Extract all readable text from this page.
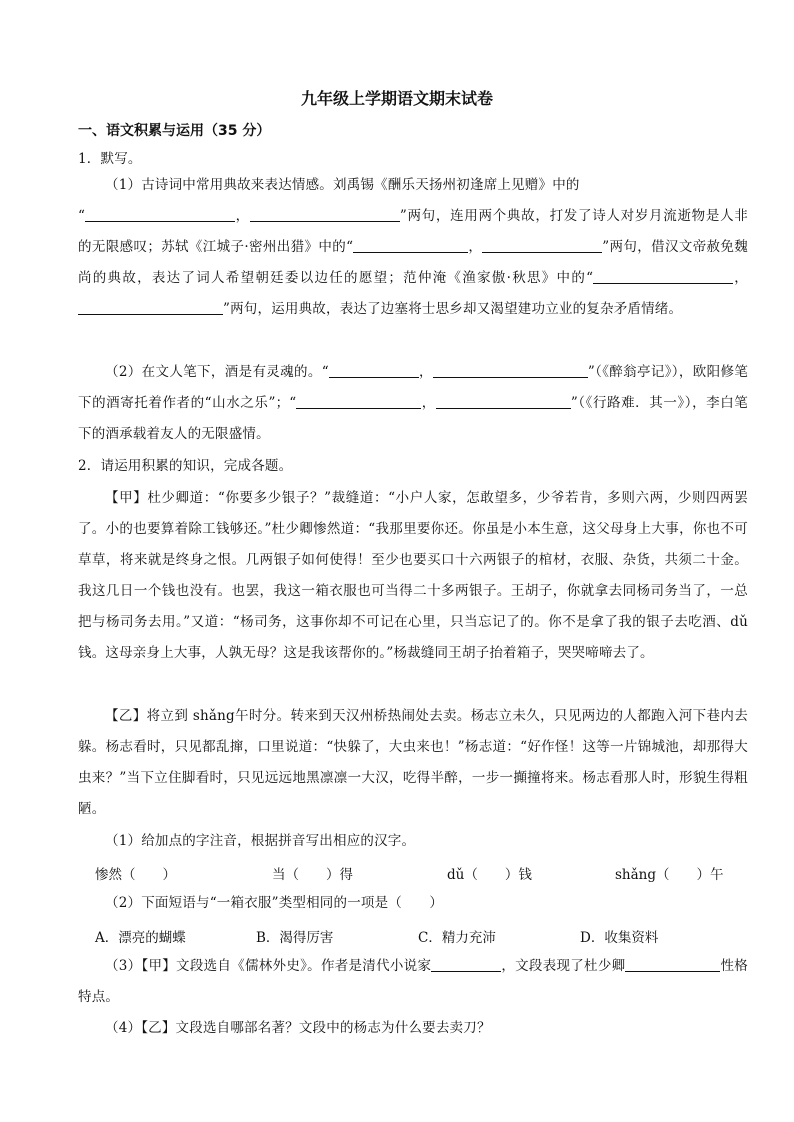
九年级上学期语文期末试卷
一、语文积累与运用（35 分）
1．默写。
（1）古诗词中常用典故来表达情感。刘禹锡《酬乐天扬州初逢席上见赠》中的
“	，	”两句，连用两个典故，打发了诗人对岁月流逝物是人非的无限感叹；苏轼《江城子·密州出猎》中的“	，	”两句，借汉文帝赦免魏尚的典故，表达了词人希望朝廷委以边任的愿望；范仲淹《渔家傲·秋思》中的“	，”两句，运用典故，表达了边塞将士思乡却又渴望建功立业的复杂矛盾情绪。
（2）在文人笔下，酒是有灵魂的。“	，	”（《醉翁亭记》），欧阳修笔下的酒寄托着作者的“山水之乐”；“	，	”（《行路难．其一》），李白笔下的酒承载着友人的无限盛情。
2．请运用积累的知识，完成各题。
【甲】杜少卿道：“你要多少银子？”裁缝道：“小户人家，怎敢望多，少爷若肯，多则六两，少则四两罢了。小的也要算着除工钱够还。”杜少卿惨然道：“我那里要你还。你虽是小本生意，这父母身上大事，你也不可草草，将来就是终身之恨。几两银子如何使得！至少也要买口十六两银子的棺材，衣服、杂货，共须二十金。我这几日一个钱也没有。也罢，我这一箱衣服也可当得二十多两银子。王胡子，你就拿去同杨司务当了，一总把与杨司务去用。”又道：“杨司务，这事你却不可记在心里，只当忘记了的。你不是拿了我的银子去吃酒、dǔ钱。这母亲身上大事，人孰无母？这是我该帮你的。”杨裁缝同王胡子抬着箱子，哭哭啼啼去了。
【乙】将立到 shǎng午时分。转来到天汉州桥热闹处去卖。杨志立未久，只见两边的人都跑入河下巷内去躲。杨志看时，只见都乱撺，口里说道：“快躲了，大虫来也！”杨志道：“好作怪！这等一片锦城池，却那得大虫来？”当下立住脚看时，只见远远地黑凛凛一大汉，吃得半醉，一步一攧撞将来。杨志看那人时，形貌生得粗陋。
（1）给加点的字注音，根据拼音写出相应的汉字。
惨然（　　）	当（　　）得	dǔ（　　）钱	shǎng（　　）午
（2）下面短语与“一箱衣服”类型相同的一项是（　　）
A．漂亮的蝴蝶	B．渴得厉害	C．精力充沛	D．收集资料
（3）【甲】文段选自《儒林外史》。作者是清代小说家	，文段表现了杜少卿	性格特点。
（4）【乙】文段选自哪部名著？文段中的杨志为什么要去卖刀？
